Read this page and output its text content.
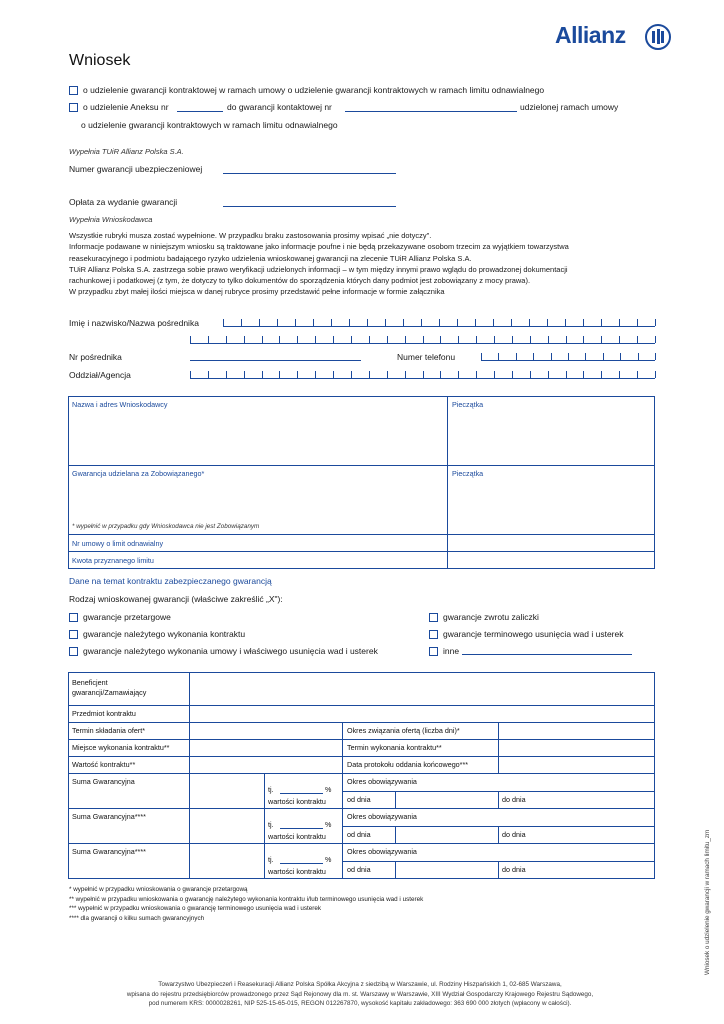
Allianz
Wniosek
o udzielenie gwarancji kontraktowej w ramach umowy o udzielenie gwarancji kontraktowych w ramach limitu odnawialnego
o udzielenie Aneksu nr	do gwarancji kontaktowej nr	udzielonej ramach umowy
o udzielenie gwarancji kontraktowych w ramach limitu odnawialnego
Wypełnia TUiR Allianz Polska S.A.
Numer gwarancji ubezpieczeniowej
Opłata za wydanie gwarancji
Wypełnia Wnioskodawca
Wszystkie rubryki musza zostać wypełnione. W przypadku braku zastosowania prosimy wpisać „nie dotyczy".
Informacje podawane w niniejszym wniosku są traktowane jako informacje poufne i nie będą przekazywane osobom trzecim za wyjątkiem towarzystwa
reasekuracyjnego i podmiotu badającego ryzyko udzielenia wnioskowanej gwarancji na zlecenie TUiR Allianz Polska S.A.
TUiR Allianz Polska S.A. zastrzega sobie prawo weryfikacji udzielonych informacji – w tym między innymi prawo wglądu do prowadzonej dokumentacji
rachunkowej i podatkowej (z tym, że dotyczy to tylko dokumentów do sporządzenia których dany podmiot jest zobowiązany z mocy prawa).
W przypadku zbyt małej ilości miejsca w danej rubryce prosimy przedstawić pełne informacje w formie załącznika
Imię i nazwisko/Nazwa pośrednika
Nr pośrednika	Numer telefonu
Oddział/Agencja
Nazwa i adres Wnioskodawcy	Pieczątka
Gwarancja udzielana za Zobowiązanego*	Pieczątka
* wypełnić w przypadku gdy Wnioskodawca nie jest Zobowiązanym
Nr umowy o limit odnawialny
Kwota przyznanego limitu
Dane na temat kontraktu zabezpieczanego gwarancją
Rodzaj wnioskowanej gwarancji (właściwe zakreślić „X"):
gwarancje przetargowe
gwarancje należytego wykonania kontraktu
gwarancje należytego wykonania umowy i właściwego usunięcia wad i usterek
gwarancje zwrotu zaliczki
gwarancje terminowego usunięcia wad i usterek
inne
Beneficjent gwarancji/Zamawiający
Przedmiot kontraktu
Termin składania ofert*	Okres związania ofertą (liczba dni)*
Miejsce wykonania kontraktu**	Termin wykonania kontraktu**
Wartość kontraktu**	Data protokołu oddania końcowego***
Suma Gwarancyjna
tj.	%
wartości kontraktu
Okres obowiązywania
od dnia	do dnia
Suma Gwarancyjna****
tj.	%
wartości kontraktu
Okres obowiązywania
od dnia	do dnia
Suma Gwarancyjna****
tj.	%
wartości kontraktu
Okres obowiązywania
od dnia	do dnia
* wypełnić w przypadku wnioskowania o gwarancje przetargową
** wypełnić w przypadku wnioskowania o gwarancję należytego wykonania kontraktu i/lub terminowego usunięcia wad i usterek
*** wypełnić w przypadku wnioskowania o gwarancję terminowego usunięcia wad i usterek
**** dla gwarancji o kilku sumach gwarancyjnych
Towarzystwo Ubezpieczeń i Reasekuracji Allianz Polska Spółka Akcyjna z siedzibą w Warszawie, ul. Rodziny Hiszpańskich 1, 02-685 Warszawa,
wpisana do rejestru przedsiębiorców prowadzonego przez Sąd Rejonowy dla m. st. Warszawy w Warszawie, XIII Wydział Gospodarczy Krajowego Rejestru Sądowego,
pod numerem KRS: 0000028261, NIP 525-15-65-015, REGON 012267870, wysokość kapitału zakładowego: 363 690 000 złotych (wpłacony w całości).
Wniosek o udzielenie gwarancji w ramach limitu_zm
